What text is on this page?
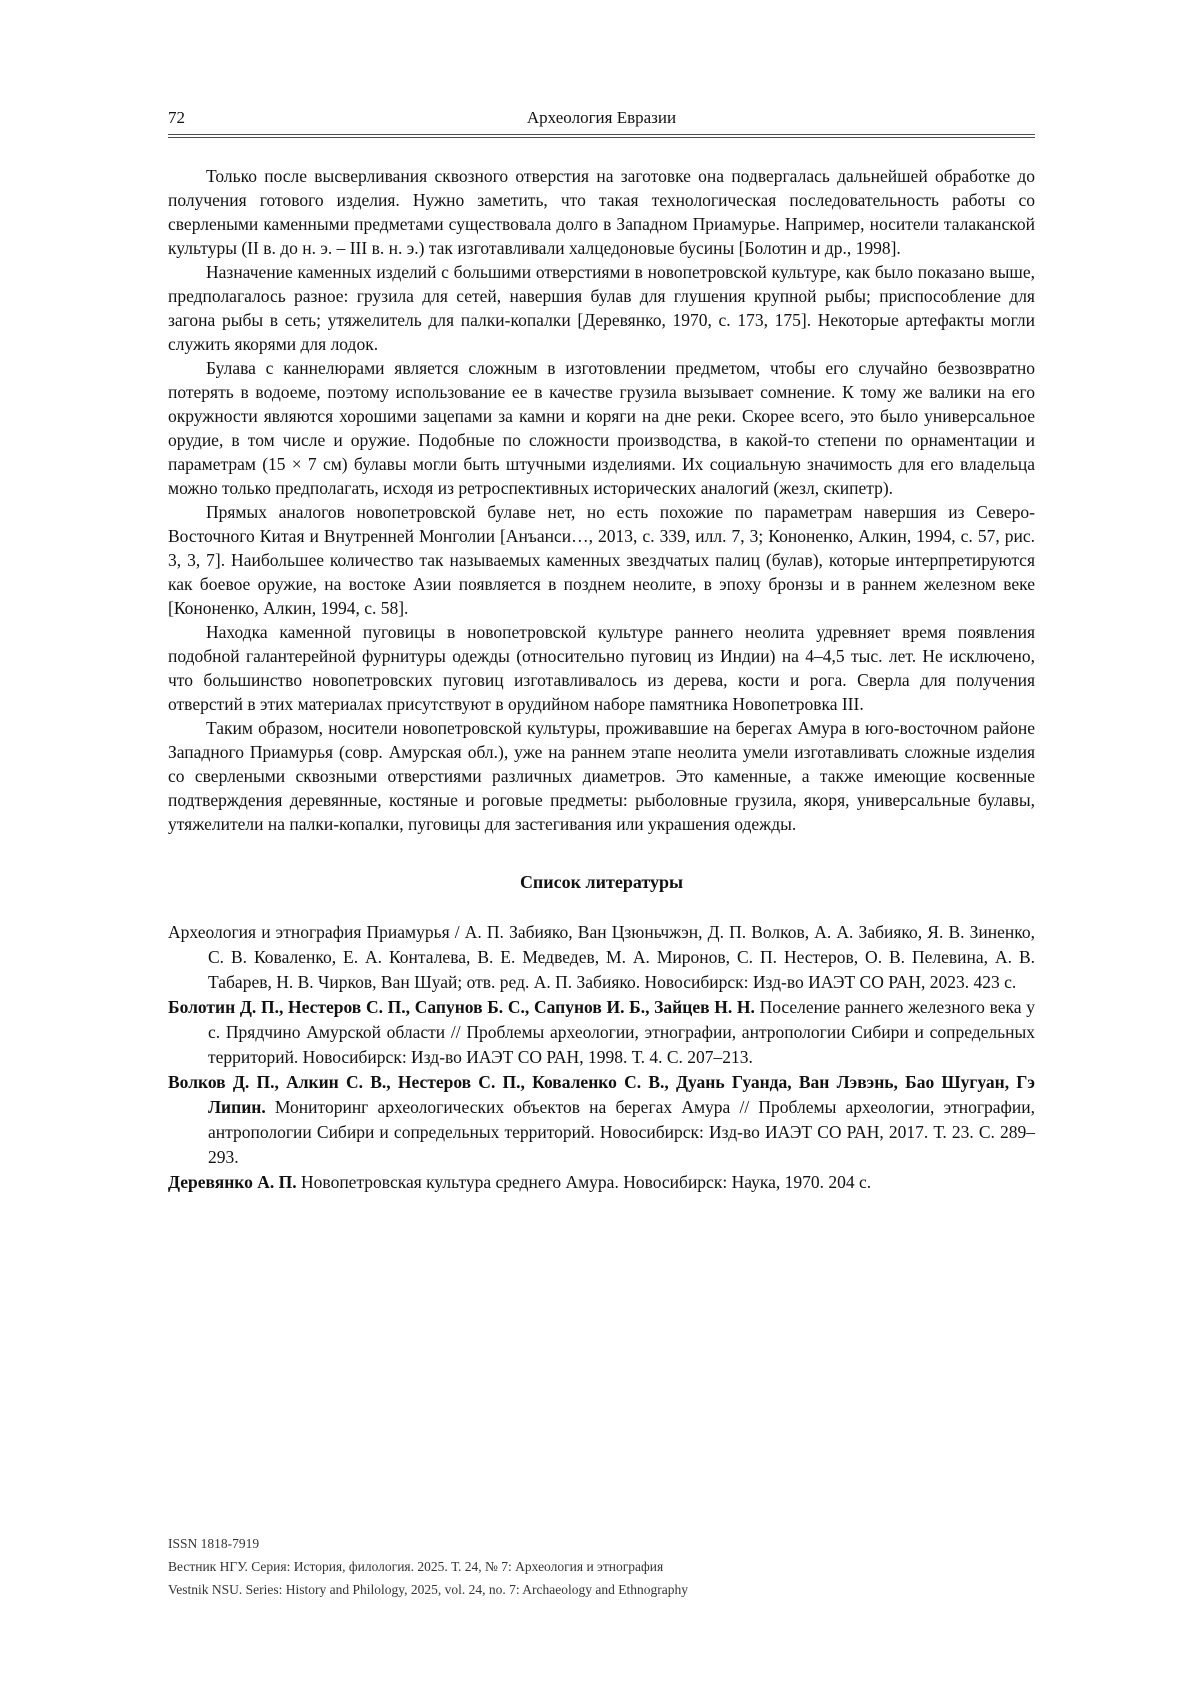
72	Археология Евразии

Только после высверливания сквозного отверстия на заготовке она подвергалась дальнейшей обработке до получения готового изделия. Нужно заметить, что такая технологическая последовательность работы со сверлеными каменными предметами существовала долго в Западном Приамурье. Например, носители талаканской культуры (II в. до н. э. – III в. н. э.) так изготавливали халцедоновые бусины [Болотин и др., 1998].

Назначение каменных изделий с большими отверстиями в новопетровской культуре, как было показано выше, предполагалось разное: грузила для сетей, навершия булав для глушения крупной рыбы; приспособление для загона рыбы в сеть; утяжелитель для палки-копалки [Деревянко, 1970, с. 173, 175]. Некоторые артефакты могли служить якорями для лодок.

Булава с каннелюрами является сложным в изготовлении предметом, чтобы его случайно безвозвратно потерять в водоеме, поэтому использование ее в качестве грузила вызывает сомнение. К тому же валики на его окружности являются хорошими зацепами за камни и коряги на дне реки. Скорее всего, это было универсальное орудие, в том числе и оружие. Подобные по сложности производства, в какой-то степени по орнаментации и параметрам (15 × 7 см) булавы могли быть штучными изделиями. Их социальную значимость для его владельца можно только предполагать, исходя из ретроспективных исторических аналогий (жезл, скипетр).

Прямых аналогов новопетровской булаве нет, но есть похожие по параметрам навершия из Северо-Восточного Китая и Внутренней Монголии [Анъанси…, 2013, с. 339, илл. 7, 3; Кононенко, Алкин, 1994, с. 57, рис. 3, 3, 7]. Наибольшее количество так называемых каменных звездчатых палиц (булав), которые интерпретируются как боевое оружие, на востоке Азии появляется в позднем неолите, в эпоху бронзы и в раннем железном веке [Кононенко, Алкин, 1994, с. 58].

Находка каменной пуговицы в новопетровской культуре раннего неолита удревняет время появления подобной галантерейной фурнитуры одежды (относительно пуговиц из Индии) на 4–4,5 тыс. лет. Не исключено, что большинство новопетровских пуговиц изготавливалось из дерева, кости и рога. Сверла для получения отверстий в этих материалах присутствуют в орудийном наборе памятника Новопетровка III.

Таким образом, носители новопетровской культуры, проживавшие на берегах Амура в юго-восточном районе Западного Приамурья (совр. Амурская обл.), уже на раннем этапе неолита умели изготавливать сложные изделия со сверлеными сквозными отверстиями различных диаметров. Это каменные, а также имеющие косвенные подтверждения деревянные, костяные и роговые предметы: рыболовные грузила, якоря, универсальные булавы, утяжелители на палки-копалки, пуговицы для застегивания или украшения одежды.

Список литературы

Археология и этнография Приамурья / А. П. Забияко, Ван Цзюньчжэн, Д. П. Волков, А. А. Забияко, Я. В. Зиненко, С. В. Коваленко, Е. А. Конталева, В. Е. Медведев, М. А. Миронов, С. П. Нестеров, О. В. Пелевина, А. В. Табарев, Н. В. Чирков, Ван Шуай; отв. ред. А. П. Забияко. Новосибирск: Изд-во ИАЭТ СО РАН, 2023. 423 с.

Болотин Д. П., Нестеров С. П., Сапунов Б. С., Сапунов И. Б., Зайцев Н. Н. Поселение раннего железного века у с. Прядчино Амурской области // Проблемы археологии, этнографии, антропологии Сибири и сопредельных территорий. Новосибирск: Изд-во ИАЭТ СО РАН, 1998. Т. 4. С. 207–213.

Волков Д. П., Алкин С. В., Нестеров С. П., Коваленко С. В., Дуань Гуанда, Ван Лэвэнь, Бао Шугуан, Гэ Липин. Мониторинг археологических объектов на берегах Амура // Проблемы археологии, этнографии, антропологии Сибири и сопредельных территорий. Новосибирск: Изд-во ИАЭТ СО РАН, 2017. Т. 23. С. 289–293.

Деревянко А. П. Новопетровская культура среднего Амура. Новосибирск: Наука, 1970. 204 с.

ISSN 1818-7919
Вестник НГУ. Серия: История, филология. 2025. Т. 24, № 7: Археология и этнография
Vestnik NSU. Series: History and Philology, 2025, vol. 24, no. 7: Archaeology and Ethnography
